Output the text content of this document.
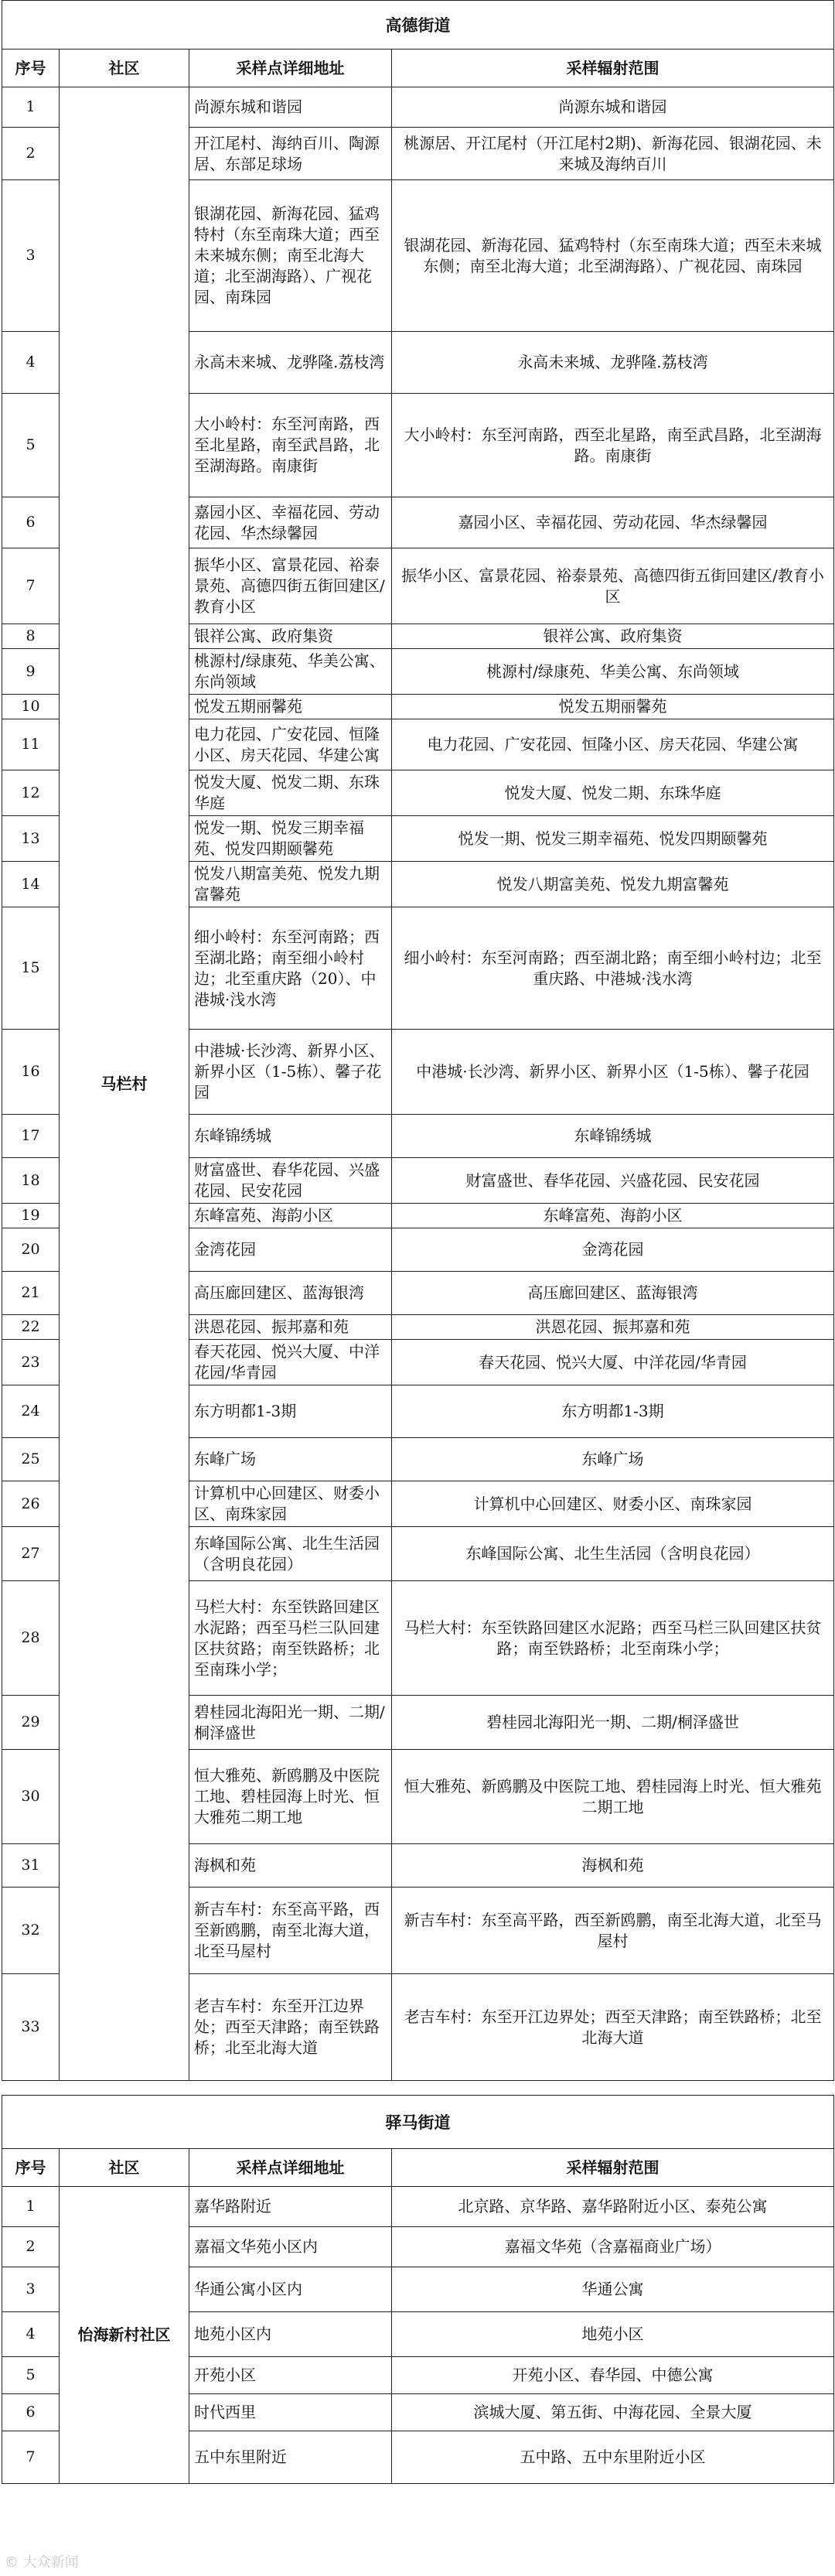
高德街道			
序号	社区	采样点详细地址	采样辐射范围
1	马栏村	尚源东城和谐园	尚源东城和谐园
2		开江尾村、海纳百川、陶源居、东部足球场	桃源居、开江尾村（开江尾村2期)、新海花园、银湖花园、未来城及海纳百川
3		银湖花园、新海花园、猛鸡特村（东至南珠大道；西至未来城东侧；南至北海大道；北至湖海路）、广视花园、南珠园	银湖花园、新海花园、猛鸡特村（东至南珠大道；西至未来城东侧；南至北海大道；北至湖海路）、广视花园、南珠园
4		永高未来城、龙骅隆.荔枝湾	永高未来城、龙骅隆.荔枝湾
5		大小岭村：东至河南路，西至北星路，南至武昌路，北至湖海路。南康街	大小岭村：东至河南路，西至北星路，南至武昌路，北至湖海路。南康街
6		嘉园小区、幸福花园、劳动花园、华杰绿馨园	嘉园小区、幸福花园、劳动花园、华杰绿馨园
7		振华小区、富景花园、裕泰景苑、高德四街五街回建区/教育小区	振华小区、富景花园、裕泰景苑、高德四街五街回建区/教育小区
8		银祥公寓、政府集资	银祥公寓、政府集资
9		桃源村/绿康苑、华美公寓、东尚领域	桃源村/绿康苑、华美公寓、东尚领域
10		悦发五期丽馨苑	悦发五期丽馨苑
11		电力花园、广安花园、恒隆小区、房天花园、华建公寓	电力花园、广安花园、恒隆小区、房天花园、华建公寓
12		悦发大厦、悦发二期、东珠华庭	悦发大厦、悦发二期、东珠华庭
13		悦发一期、悦发三期幸福苑、悦发四期颐馨苑	悦发一期、悦发三期幸福苑、悦发四期颐馨苑
14		悦发八期富美苑、悦发九期富馨苑	悦发八期富美苑、悦发九期富馨苑
15		细小岭村：东至河南路；西至湖北路；南至细小岭村边；北至重庆路（20）、中港城·浅水湾	细小岭村：东至河南路；西至湖北路；南至细小岭村边；北至重庆路、中港城·浅水湾
16		中港城·长沙湾、新界小区、新界小区（1-5栋）、馨子花园	中港城·长沙湾、新界小区、新界小区（1-5栋）、馨子花园
17		东峰锦绣城	东峰锦绣城
18		财富盛世、春华花园、兴盛花园、民安花园	财富盛世、春华花园、兴盛花园、民安花园
19		东峰富苑、海韵小区	东峰富苑、海韵小区
20		金湾花园	金湾花园
21		高压廊回建区、蓝海银湾	高压廊回建区、蓝海银湾
22		洪恩花园、振邦嘉和苑	洪恩花园、振邦嘉和苑
23		春天花园、悦兴大厦、中洋花园/华青园	春天花园、悦兴大厦、中洋花园/华青园
24		东方明都1-3期	东方明都1-3期
25		东峰广场	东峰广场
26		计算机中心回建区、财委小区、南珠家园	计算机中心回建区、财委小区、南珠家园
27		东峰国际公寓、北生生活园（含明良花园）	东峰国际公寓、北生生活园（含明良花园）
28		马栏大村：东至铁路回建区水泥路；西至马栏三队回建区扶贫路；南至铁路桥；北至南珠小学；	马栏大村：东至铁路回建区水泥路；西至马栏三队回建区扶贫路；南至铁路桥；北至南珠小学；
29		碧桂园北海阳光一期、二期/桐泽盛世	碧桂园北海阳光一期、二期/桐泽盛世
30		恒大雅苑、新鸥鹏及中医院工地、碧桂园海上时光、恒大雅苑二期工地	恒大雅苑、新鸥鹏及中医院工地、碧桂园海上时光、恒大雅苑二期工地
31		海枫和苑	海枫和苑
32		新吉车村：东至高平路，西至新鸥鹏，南至北海大道，北至马屋村	新吉车村：东至高平路，西至新鸥鹏，南至北海大道，北至马屋村
33		老吉车村：东至开江边界处；西至天津路；南至铁路桥；北至北海大道	老吉车村：东至开江边界处；西至天津路；南至铁路桥；北至北海大道

驿马街道			
序号	社区	采样点详细地址	采样辐射范围
1	怡海新村社区	嘉华路附近	北京路、京华路、嘉华路附近小区、泰苑公寓
2		嘉福文华苑小区内	嘉福文华苑（含嘉福商业广场）
3		华通公寓小区内	华通公寓
4		地苑小区内	地苑小区
5		开苑小区	开苑小区、春华园、中德公寓
6		时代西里	滨城大厦、第五街、中海花园、全景大厦
7		五中东里附近	五中路、五中东里附近小区
© 大众新闻
